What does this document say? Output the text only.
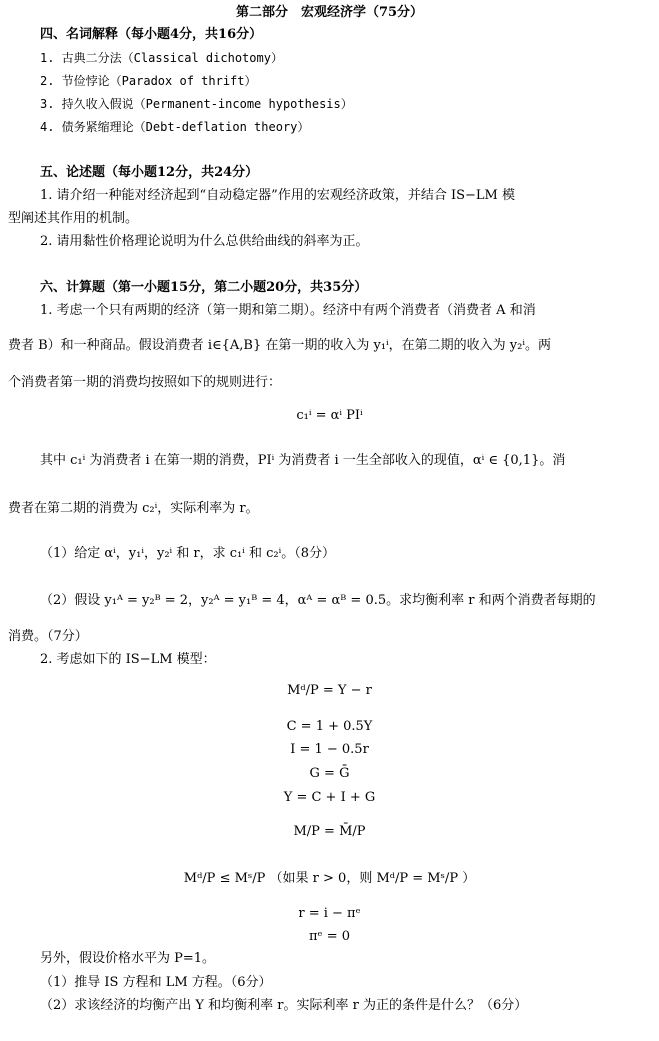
第二部分　宏观经济学（75分）
四、名词解释（每小题4分，共16分）
1. 古典二分法（Classical dichotomy）
2. 节俭悖论（Paradox of thrift）
3. 持久收入假说（Permanent-income hypothesis）
4. 债务紧缩理论（Debt-deflation theory）
五、论述题（每小题12分，共24分）
1. 请介绍一种能对经济起到“自动稳定器”作用的宏观经济政策，并结合 IS−LM 模
型阐述其作用的机制。
2. 请用黏性价格理论说明为什么总供给曲线的斜率为正。
六、计算题（第一小题15分，第二小题20分，共35分）
1. 考虑一个只有两期的经济（第一期和第二期）。经济中有两个消费者（消费者 A 和消
费者 B）和一种商品。假设消费者 i∈{A,B} 在第一期的收入为 y₁ⁱ，在第二期的收入为 y₂ⁱ。两
个消费者第一期的消费均按照如下的规则进行：
c₁ⁱ = αⁱ PIⁱ
其中 c₁ⁱ 为消费者 i 在第一期的消费，PIⁱ 为消费者 i 一生全部收入的现值，αⁱ ∈ {0,1}。消
费者在第二期的消费为 c₂ⁱ，实际利率为 r。
（1）给定 αⁱ，y₁ⁱ，y₂ⁱ 和 r，求 c₁ⁱ 和 c₂ⁱ。（8分）
（2）假设 y₁ᴬ = y₂ᴮ = 2，y₂ᴬ = y₁ᴮ = 4，αᴬ = αᴮ = 0.5。求均衡利率 r 和两个消费者每期的
消费。（7分）
2. 考虑如下的 IS−LM 模型：
Mᵈ/P = Y − r
C = 1 + 0.5Y
I = 1 − 0.5r
G = Ḡ
Y = C + I + G
M/P = M̄/P
Mᵈ/P ≤ Mˢ/P （如果 r > 0，则 Mᵈ/P = Mˢ/P ）
r = i − πᵉ
πᵉ = 0
另外，假设价格水平为 P=1。
（1）推导 IS 方程和 LM 方程。（6分）
（2）求该经济的均衡产出 Y 和均衡利率 r。实际利率 r 为正的条件是什么？（6分）
